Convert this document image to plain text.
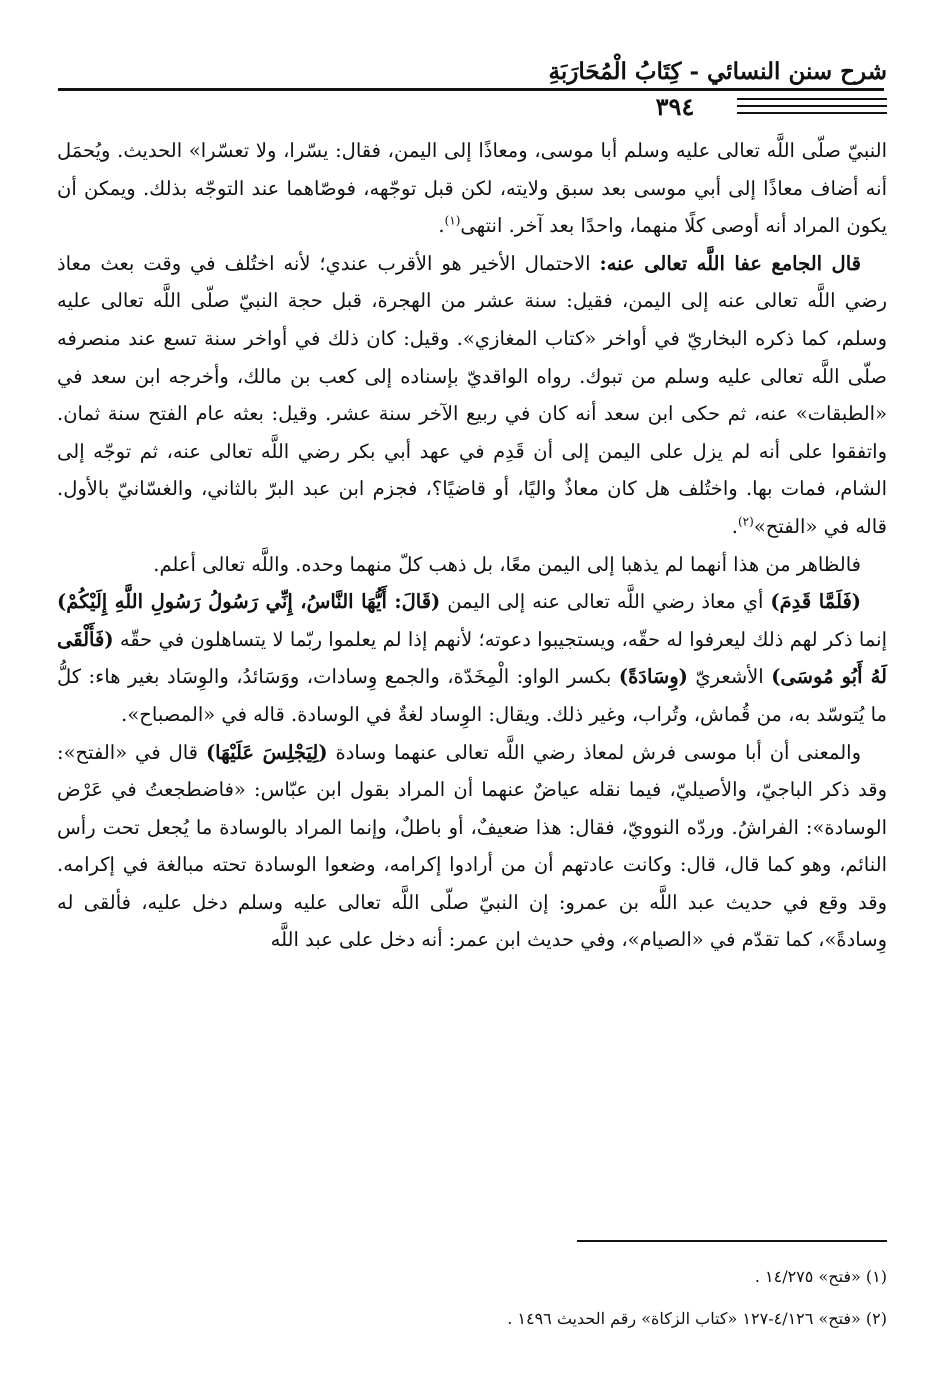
شرح سنن النسائي - كِتَابُ الْمُحَارَبَةِ
٣٩٤

النبيّ صلّى اللَّه تعالى عليه وسلم أبا موسى، ومعاذًا إلى اليمن، فقال: يسّرا، ولا تعسّرا» الحديث. ويُحمَل أنه أضاف معاذًا إلى أبي موسى بعد سبق ولايته، لكن قبل توجّهه، فوصّاهما عند التوجّه بذلك. ويمكن أن يكون المراد أنه أوصى كلًا منهما، واحدًا بعد آخر. انتهى$^{(١)}$.

قال الجامع عفا اللَّه تعالى عنه: الاحتمال الأخير هو الأقرب عندي؛ لأنه اختُلف في وقت بعث معاذ رضي اللَّه تعالى عنه إلى اليمن، فقيل: سنة عشر من الهجرة، قبل حجة النبيّ صلّى اللَّه تعالى عليه وسلم، كما ذكره البخاريّ في أواخر «كتاب المغازي». وقيل: كان ذلك في أواخر سنة تسع عند منصرفه صلّى اللَّه تعالى عليه وسلم من تبوك. رواه الواقديّ بإسناده إلى كعب بن مالك، وأخرجه ابن سعد في «الطبقات» عنه، ثم حكى ابن سعد أنه كان في ربيع الآخر سنة عشر. وقيل: بعثه عام الفتح سنة ثمان. واتفقوا على أنه لم يزل على اليمن إلى أن قَدِم في عهد أبي بكر رضي اللَّه تعالى عنه، ثم توجّه إلى الشام، فمات بها. واختُلف هل كان معاذٌ واليًا، أو قاضيًا؟، فجزم ابن عبد البرّ بالثاني، والغسّانيّ بالأول. قاله في «الفتح»$^{(٢)}$.

فالظاهر من هذا أنهما لم يذهبا إلى اليمن معًا، بل ذهب كلّ منهما وحده. واللَّه تعالى أعلم.

(فَلَمَّا قَدِمَ) أي معاذ رضي اللَّه تعالى عنه إلى اليمن (قَالَ: أَيُّهَا النَّاسُ، إِنِّي رَسُولُ رَسُولِ اللَّهِ إِلَيْكُمْ) إنما ذكر لهم ذلك ليعرفوا له حقّه، ويستجيبوا دعوته؛ لأنهم إذا لم يعلموا ربّما لا يتساهلون في حقّه (فَأَلْقَى لَهُ أَبُو مُوسَى) الأشعريّ (وِسَادَةً) بكسر الواو: الْمِخَدّة، والجمع وِسادات، ووَسَائدُ، والوِسَاد بغير هاء: كلُّ ما يُتوسّد به، من قُماش، وتُراب، وغير ذلك. ويقال: الوِساد لغةٌ في الوسادة. قاله في «المصباح».

والمعنى أن أبا موسى فرش لمعاذ رضي اللَّه تعالى عنهما وسادة (لِيَجْلِسَ عَلَيْهَا) قال في «الفتح»: وقد ذكر الباجيّ، والأصيليّ، فيما نقله عياضٌ عنهما أن المراد بقول ابن عبّاس: «فاضطجعتُ في عَرْض الوسادة»: الفراشُ. وردّه النوويّ، فقال: هذا ضعيفٌ، أو باطلٌ، وإنما المراد بالوسادة ما يُجعل تحت رأس النائم، وهو كما قال، قال: وكانت عادتهم أن من أرادوا إكرامه، وضعوا الوسادة تحته مبالغة في إكرامه. وقد وقع في حديث عبد اللَّه بن عمرو: إن النبيّ صلّى اللَّه تعالى عليه وسلم دخل عليه، فألقى له وِسادةً»، كما تقدّم في «الصيام»، وفي حديث ابن عمر: أنه دخل على عبد اللَّه

(١) «فتح» ١٤/٢٧٥ .

(٢) «فتح» ٤/١٢٦-١٢٧ «كتاب الزكاة» رقم الحديث ١٤٩٦ .
